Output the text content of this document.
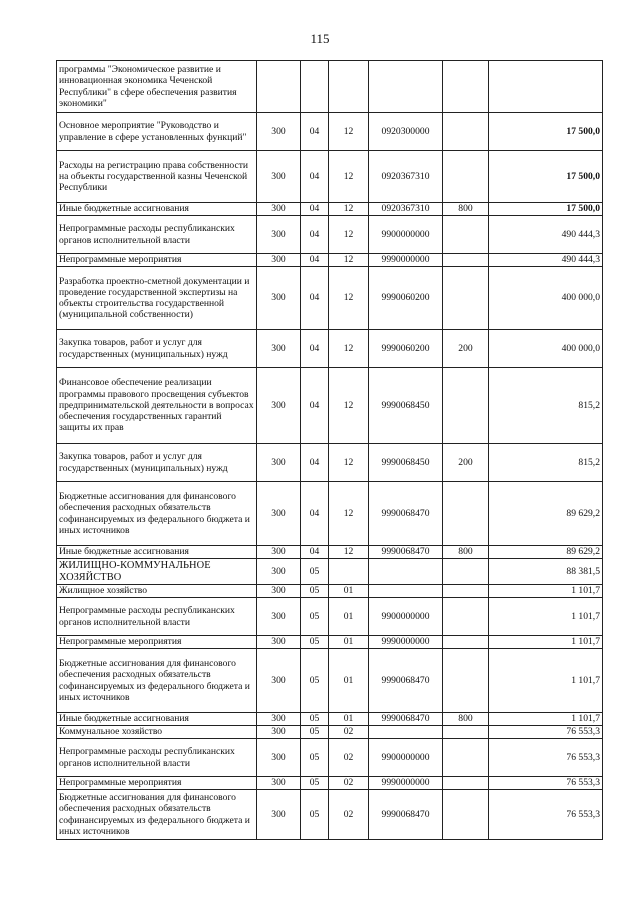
115
программы "Экономическое развитие и инновационная экономика Чеченской Республики" в сфере обеспечения развития экономики"						
Основное мероприятие "Руководство и управление в сфере установленных функций"	300	04	12	0920300000		17 500,0
Расходы на регистрацию права собственности на объекты государственной казны Чеченской Республики	300	04	12	0920367310		17 500,0
Иные бюджетные ассигнования	300	04	12	0920367310	800	17 500,0
Непрограммные расходы республиканских органов исполнительной власти	300	04	12	9900000000		490 444,3
Непрограммные мероприятия	300	04	12	9990000000		490 444,3
Разработка проектно-сметной документации и проведение государственной экспертизы на объекты строительства государственной (муниципальной собственности)	300	04	12	9990060200		400 000,0
Закупка товаров, работ и услуг для государственных (муниципальных) нужд	300	04	12	9990060200	200	400 000,0
Финансовое обеспечение реализации программы правового просвещения субъектов предпринимательской деятельности в вопросах обеспечения государственных гарантий защиты их прав	300	04	12	9990068450		815,2
Закупка товаров, работ и услуг для государственных (муниципальных) нужд	300	04	12	9990068450	200	815,2
Бюджетные ассигнования для финансового обеспечения расходных обязательств софинансируемых из федерального бюджета и иных источников	300	04	12	9990068470		89 629,2
Иные бюджетные ассигнования	300	04	12	9990068470	800	89 629,2
ЖИЛИЩНО-КОММУНАЛЬНОЕ ХОЗЯЙСТВО	300	05				88 381,5
Жилищное хозяйство	300	05	01			1 101,7
Непрограммные расходы республиканских органов исполнительной власти	300	05	01	9900000000		1 101,7
Непрограммные мероприятия	300	05	01	9990000000		1 101,7
Бюджетные ассигнования для финансового обеспечения расходных обязательств софинансируемых из федерального бюджета и иных источников	300	05	01	9990068470		1 101,7
Иные бюджетные ассигнования	300	05	01	9990068470	800	1 101,7
Коммунальное хозяйство	300	05	02			76 553,3
Непрограммные расходы республиканских органов исполнительной власти	300	05	02	9900000000		76 553,3
Непрограммные мероприятия	300	05	02	9990000000		76 553,3
Бюджетные ассигнования для финансового обеспечения расходных обязательств софинансируемых из федерального бюджета и иных источников	300	05	02	9990068470		76 553,3
